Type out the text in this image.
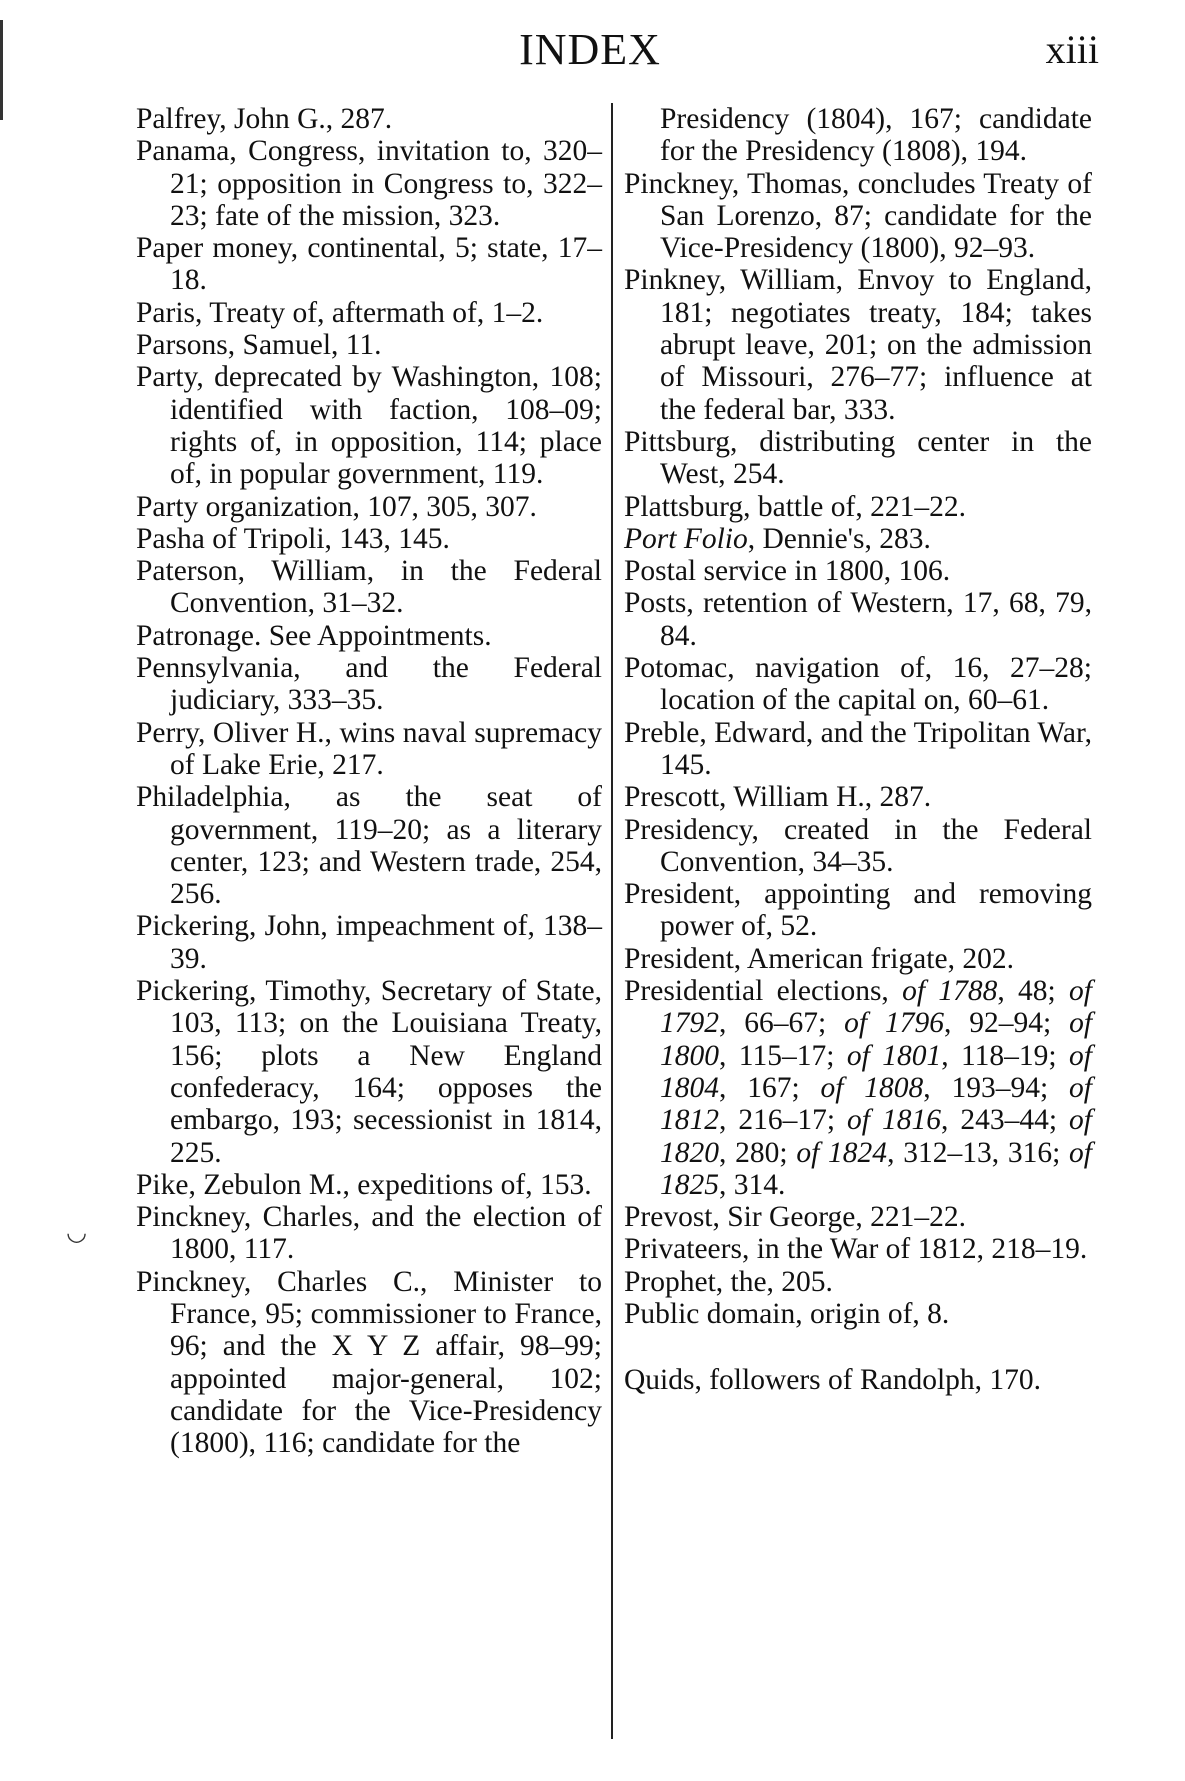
INDEX	xiii
Palfrey, John G., 287.
Panama, Congress, invitation to, 320–21; opposition in Congress to, 322–23; fate of the mission, 323.
Paper money, continental, 5; state, 17–18.
Paris, Treaty of, aftermath of, 1–2.
Parsons, Samuel, 11.
Party, deprecated by Washington, 108; identified with faction, 108–09; rights of, in opposition, 114; place of, in popular government, 119.
Party organization, 107, 305, 307.
Pasha of Tripoli, 143, 145.
Paterson, William, in the Federal Convention, 31–32.
Patronage. See Appointments.
Pennsylvania, and the Federal judiciary, 333–35.
Perry, Oliver H., wins naval supremacy of Lake Erie, 217.
Philadelphia, as the seat of government, 119–20; as a literary center, 123; and Western trade, 254, 256.
Pickering, John, impeachment of, 138–39.
Pickering, Timothy, Secretary of State, 103, 113; on the Louisiana Treaty, 156; plots a New England confederacy, 164; opposes the embargo, 193; secessionist in 1814, 225.
Pike, Zebulon M., expeditions of, 153.
Pinckney, Charles, and the election of 1800, 117.
Pinckney, Charles C., Minister to France, 95; commissioner to France, 96; and the X Y Z affair, 98–99; appointed major-general, 102; candidate for the Vice-Presidency (1800), 116; candidate for the
Presidency (1804), 167; candidate for the Presidency (1808), 194.
Pinckney, Thomas, concludes Treaty of San Lorenzo, 87; candidate for the Vice-Presidency (1800), 92–93.
Pinkney, William, Envoy to England, 181; negotiates treaty, 184; takes abrupt leave, 201; on the admission of Missouri, 276–77; influence at the federal bar, 333.
Pittsburg, distributing center in the West, 254.
Plattsburg, battle of, 221–22.
Port Folio, Dennie's, 283.
Postal service in 1800, 106.
Posts, retention of Western, 17, 68, 79, 84.
Potomac, navigation of, 16, 27–28; location of the capital on, 60–61.
Preble, Edward, and the Tripolitan War, 145.
Prescott, William H., 287.
Presidency, created in the Federal Convention, 34–35.
President, appointing and removing power of, 52.
President, American frigate, 202.
Presidential elections, of 1788, 48; of 1792, 66–67; of 1796, 92–94; of 1800, 115–17; of 1801, 118–19; of 1804, 167; of 1808, 193–94; of 1812, 216–17; of 1816, 243–44; of 1820, 280; of 1824, 312–13, 316; of 1825, 314.
Prevost, Sir George, 221–22.
Privateers, in the War of 1812, 218–19.
Prophet, the, 205.
Public domain, origin of, 8.
Quids, followers of Randolph, 170.
◡
